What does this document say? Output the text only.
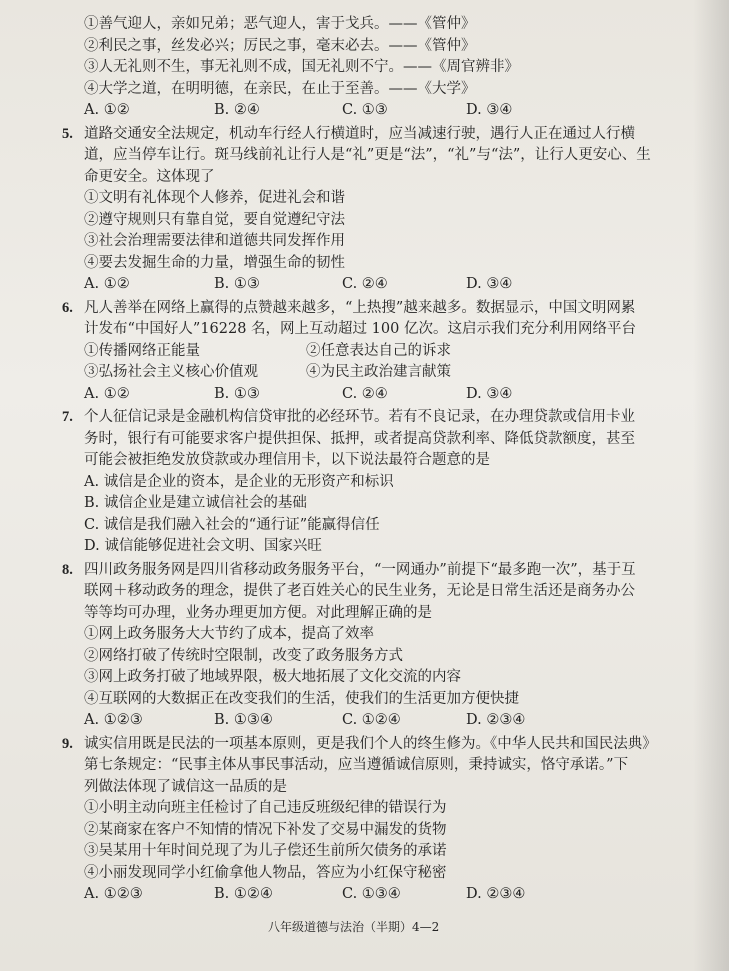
①善气迎人，亲如兄弟；恶气迎人，害于戈兵。——《管仲》
②利民之事，丝发必兴；厉民之事，毫末必去。——《管仲》
③人无礼则不生，事无礼则不成，国无礼则不宁。——《周官辨非》
④大学之道，在明明德，在亲民，在止于至善。——《大学》
A. ①②	B. ②④	C. ①③	D. ③④
5. 道路交通安全法规定，机动车行经人行横道时，应当减速行驶，遇行人正在通过人行横
道，应当停车让行。斑马线前礼让行人是“礼”更是“法”，“礼”与“法”，让行人更安心、生
命更安全。这体现了
①文明有礼体现个人修养，促进礼会和谐
②遵守规则只有靠自觉，要自觉遵纪守法
③社会治理需要法律和道德共同发挥作用
④要去发掘生命的力量，增强生命的韧性
A. ①②	B. ①③	C. ②④	D. ③④
6. 凡人善举在网络上赢得的点赞越来越多，“上热搜”越来越多。数据显示，中国文明网累
计发布“中国好人”16228 名，网上互动超过 100 亿次。这启示我们充分利用网络平台
①传播网络正能量	②任意表达自己的诉求
③弘扬社会主义核心价值观	④为民主政治建言献策
A. ①②	B. ①③	C. ②④	D. ③④
7. 个人征信记录是金融机构信贷审批的必经环节。若有不良记录，在办理贷款或信用卡业
务时，银行有可能要求客户提供担保、抵押，或者提高贷款利率、降低贷款额度，甚至
可能会被拒绝发放贷款或办理信用卡，以下说法最符合题意的是
A. 诚信是企业的资本，是企业的无形资产和标识
B. 诚信企业是建立诚信社会的基础
C. 诚信是我们融入社会的“通行证”能赢得信任
D. 诚信能够促进社会文明、国家兴旺
8. 四川政务服务网是四川省移动政务服务平台，“一网通办”前提下“最多跑一次”，基于互
联网＋移动政务的理念，提供了老百姓关心的民生业务，无论是日常生活还是商务办公
等等均可办理，业务办理更加方便。对此理解正确的是
①网上政务服务大大节约了成本，提高了效率
②网络打破了传统时空限制，改变了政务服务方式
③网上政务打破了地域界限，极大地拓展了文化交流的内容
④互联网的大数据正在改变我们的生活，使我们的生活更加方便快捷
A. ①②③	B. ①③④	C. ①②④	D. ②③④
9. 诚实信用既是民法的一项基本原则，更是我们个人的终生修为。《中华人民共和国民法典》
第七条规定：“民事主体从事民事活动，应当遵循诚信原则，秉持诚实，恪守承诺。”下
列做法体现了诚信这一品质的是
①小明主动向班主任检讨了自己违反班级纪律的错误行为
②某商家在客户不知情的情况下补发了交易中漏发的货物
③吴某用十年时间兑现了为儿子偿还生前所欠债务的承诺
④小丽发现同学小红偷拿他人物品，答应为小红保守秘密
A. ①②③	B. ①②④	C. ①③④	D. ②③④
八年级道德与法治（半期）4—2
